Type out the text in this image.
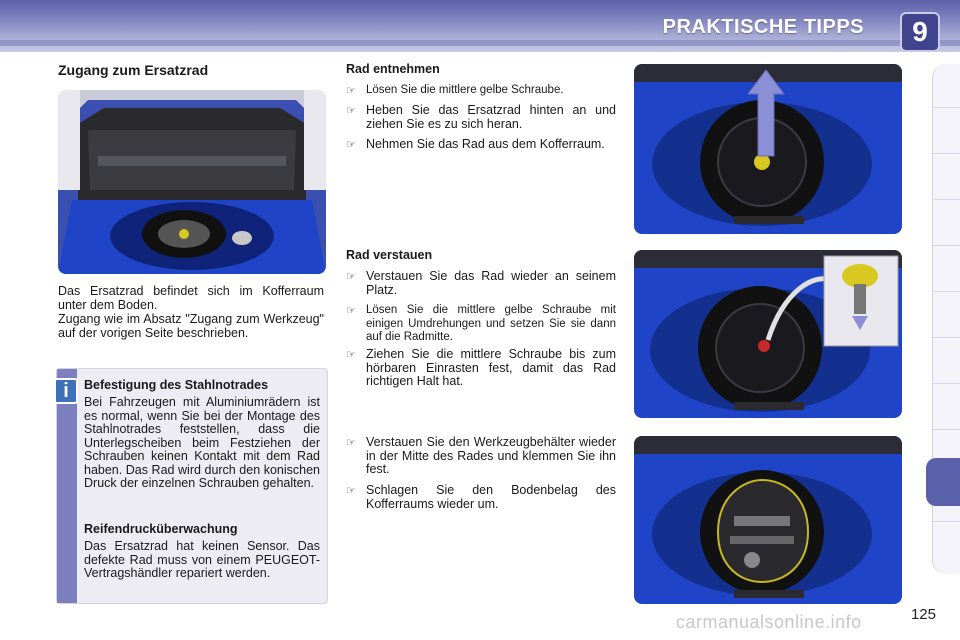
PRAKTISCHE TIPPS	9
Zugang zum Ersatzrad
Das Ersatzrad befindet sich im Kofferraum unter dem Boden.
Zugang wie im Absatz "Zugang zum Werkzeug" auf der vorigen Seite beschrieben.
i	Befestigung des Stahlnotrades
Bei Fahrzeugen mit Aluminiumrädern ist es normal, wenn Sie bei der Montage des Stahlnotrades feststellen, dass die Unterlegscheiben beim Festziehen der Schrauben keinen Kontakt mit dem Rad haben. Das Rad wird durch den konischen Druck der einzelnen Schrauben gehalten.
Reifendrucküberwachung
Das Ersatzrad hat keinen Sensor. Das defekte Rad muss von einem PEUGEOT-Vertragshändler repariert werden.
Rad entnehmen
☞ Lösen Sie die mittlere gelbe Schraube.
☞ Heben Sie das Ersatzrad hinten an und ziehen Sie es zu sich heran.
☞ Nehmen Sie das Rad aus dem Kofferraum.
Rad verstauen
☞ Verstauen Sie das Rad wieder an seinem Platz.
☞ Lösen Sie die mittlere gelbe Schraube mit einigen Umdrehungen und setzen Sie sie dann auf die Radmitte.
☞ Ziehen Sie die mittlere Schraube bis zum hörbaren Einrasten fest, damit das Rad richtigen Halt hat.
☞ Verstauen Sie den Werkzeugbehälter wieder in der Mitte des Rades und klemmen Sie ihn fest.
☞ Schlagen Sie den Bodenbelag des Kofferraums wieder um.
125
carmanualsonline.info
